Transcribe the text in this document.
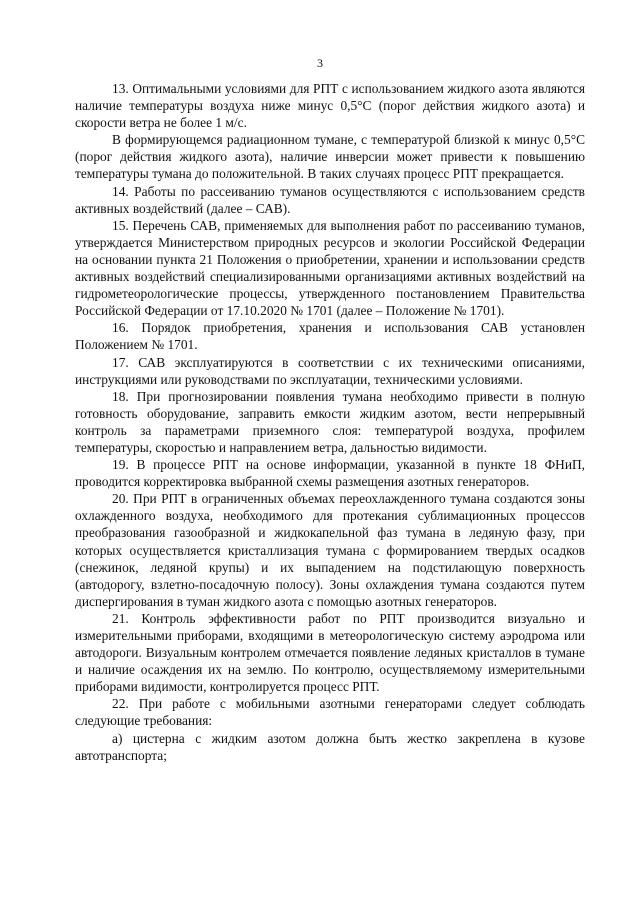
3

13. Оптимальными условиями для РПТ с использованием жидкого азота являются наличие температуры воздуха ниже минус 0,5°С (порог действия жидкого азота) и скорости ветра не более 1 м/с.

В формирующемся радиационном тумане, с температурой близкой к минус 0,5°С (порог действия жидкого азота), наличие инверсии может привести к повышению температуры тумана до положительной. В таких случаях процесс РПТ прекращается.

14. Работы по рассеиванию туманов осуществляются с использованием средств активных воздействий (далее – САВ).

15. Перечень САВ, применяемых для выполнения работ по рассеиванию туманов, утверждается Министерством природных ресурсов и экологии Российской Федерации на основании пункта 21 Положения о приобретении, хранении и использовании средств активных воздействий специализированными организациями активных воздействий на гидрометеорологические процессы, утвержденного постановлением Правительства Российской Федерации от 17.10.2020 № 1701 (далее – Положение № 1701).

16. Порядок приобретения, хранения и использования САВ установлен Положением № 1701.

17. САВ эксплуатируются в соответствии с их техническими описаниями, инструкциями или руководствами по эксплуатации, техническими условиями.

18. При прогнозировании появления тумана необходимо привести в полную готовность оборудование, заправить емкости жидким азотом, вести непрерывный контроль за параметрами приземного слоя: температурой воздуха, профилем температуры, скоростью и направлением ветра, дальностью видимости.

19. В процессе РПТ на основе информации, указанной в пункте 18 ФНиП, проводится корректировка выбранной схемы размещения азотных генераторов.

20. При РПТ в ограниченных объемах переохлажденного тумана создаются зоны охлажденного воздуха, необходимого для протекания сублимационных процессов преобразования газообразной и жидкокапельной фаз тумана в ледяную фазу, при которых осуществляется кристаллизация тумана с формированием твердых осадков (снежинок, ледяной крупы) и их выпадением на подстилающую поверхность (автодорогу, взлетно-посадочную полосу). Зоны охлаждения тумана создаются путем диспергирования в туман жидкого азота с помощью азотных генераторов.

21. Контроль эффективности работ по РПТ производится визуально и измерительными приборами, входящими в метеорологическую систему аэродрома или автодороги. Визуальным контролем отмечается появление ледяных кристаллов в тумане и наличие осаждения их на землю. По контролю, осуществляемому измерительными приборами видимости, контролируется процесс РПТ.

22. При работе с мобильными азотными генераторами следует соблюдать следующие требования:

а) цистерна с жидким азотом должна быть жестко закреплена в кузове автотранспорта;
